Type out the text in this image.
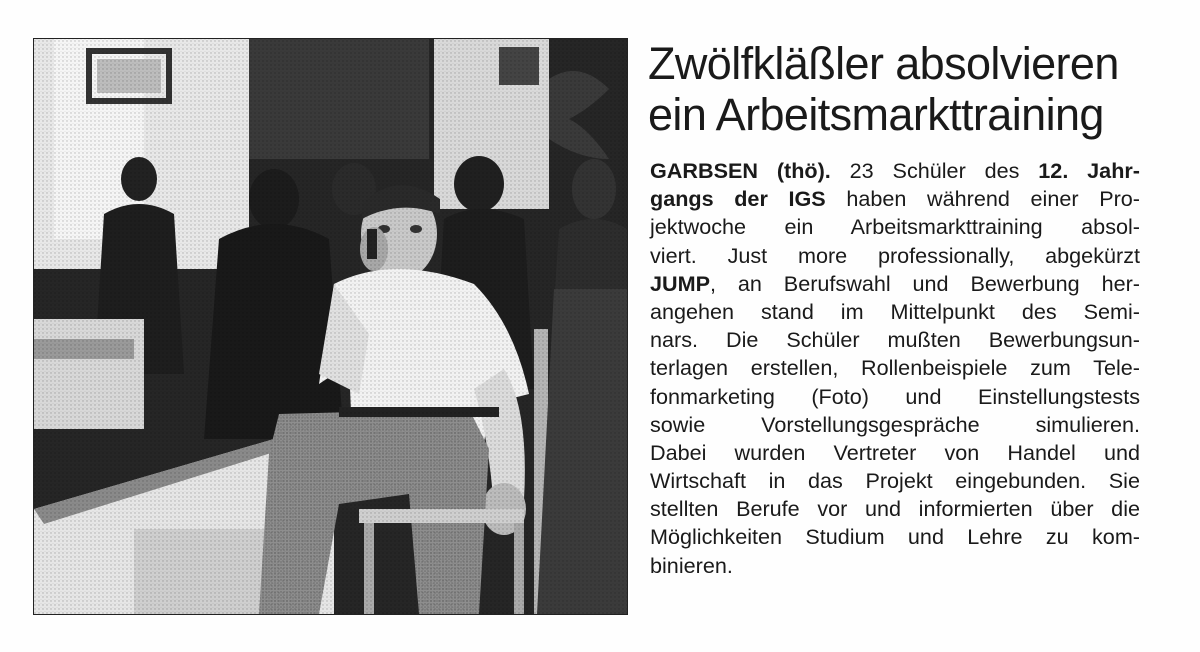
Zwölfkläßler absolvieren
ein Arbeitsmarkttraining
GARBSEN (thö). 23 Schüler des 12. Jahr-
gangs der IGS haben während einer Pro-
jektwoche ein Arbeitsmarkttraining absol-
viert. Just more professionally, abgekürzt
JUMP, an Berufswahl und Bewerbung her-
angehen stand im Mittelpunkt des Semi-
nars. Die Schüler mußten Bewerbungsun-
terlagen erstellen, Rollenbeispiele zum Tele-
fonmarketing (Foto) und Einstellungstests
sowie Vorstellungsgespräche simulieren.
Dabei wurden Vertreter von Handel und
Wirtschaft in das Projekt eingebunden. Sie
stellten Berufe vor und informierten über die
Möglichkeiten Studium und Lehre zu kom-
binieren.
